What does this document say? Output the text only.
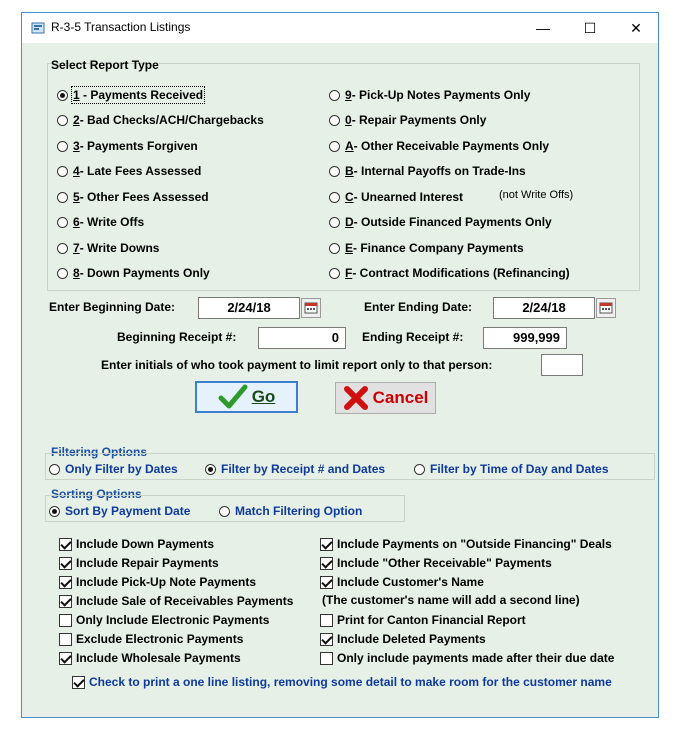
R-3-5 Transaction Listings	—	☐	✕
Select Report Type
1 - Payments Received
2 - Bad Checks/ACH/Chargebacks
3 - Payments Forgiven
4 - Late Fees Assessed
5 - Other Fees Assessed
6 - Write Offs
7 - Write Downs
8 - Down Payments Only
9 - Pick-Up Notes Payments Only
0 - Repair Payments Only
A - Other Receivable Payments Only
B - Internal Payoffs on Trade-Ins
C - Unearned Interest	(not Write Offs)
D - Outside Financed Payments Only
E - Finance Company Payments
F - Contract Modifications (Refinancing)
Enter Beginning Date:	2/24/18	Enter Ending Date:	2/24/18
Beginning Receipt #:	0	Ending Receipt #:	999,999
Enter initials of who took payment to limit report only to that person:
Go	Cancel
Filtering Options
Only Filter by Dates	Filter by Receipt # and Dates	Filter by Time of Day and Dates
Sorting Options
Sort By Payment Date	Match Filtering Option
Include Down Payments
Include Repair Payments
Include Pick-Up Note Payments
Include Sale of Receivables Payments
Only Include Electronic Payments
Exclude Electronic Payments
Include Wholesale Payments
Include Payments on "Outside Financing" Deals
Include "Other Receivable" Payments
Include Customer's Name
(The customer's name will add a second line)
Print for Canton Financial Report
Include Deleted Payments
Only include payments made after their due date
Check to print a one line listing, removing some detail to make room for the customer name
